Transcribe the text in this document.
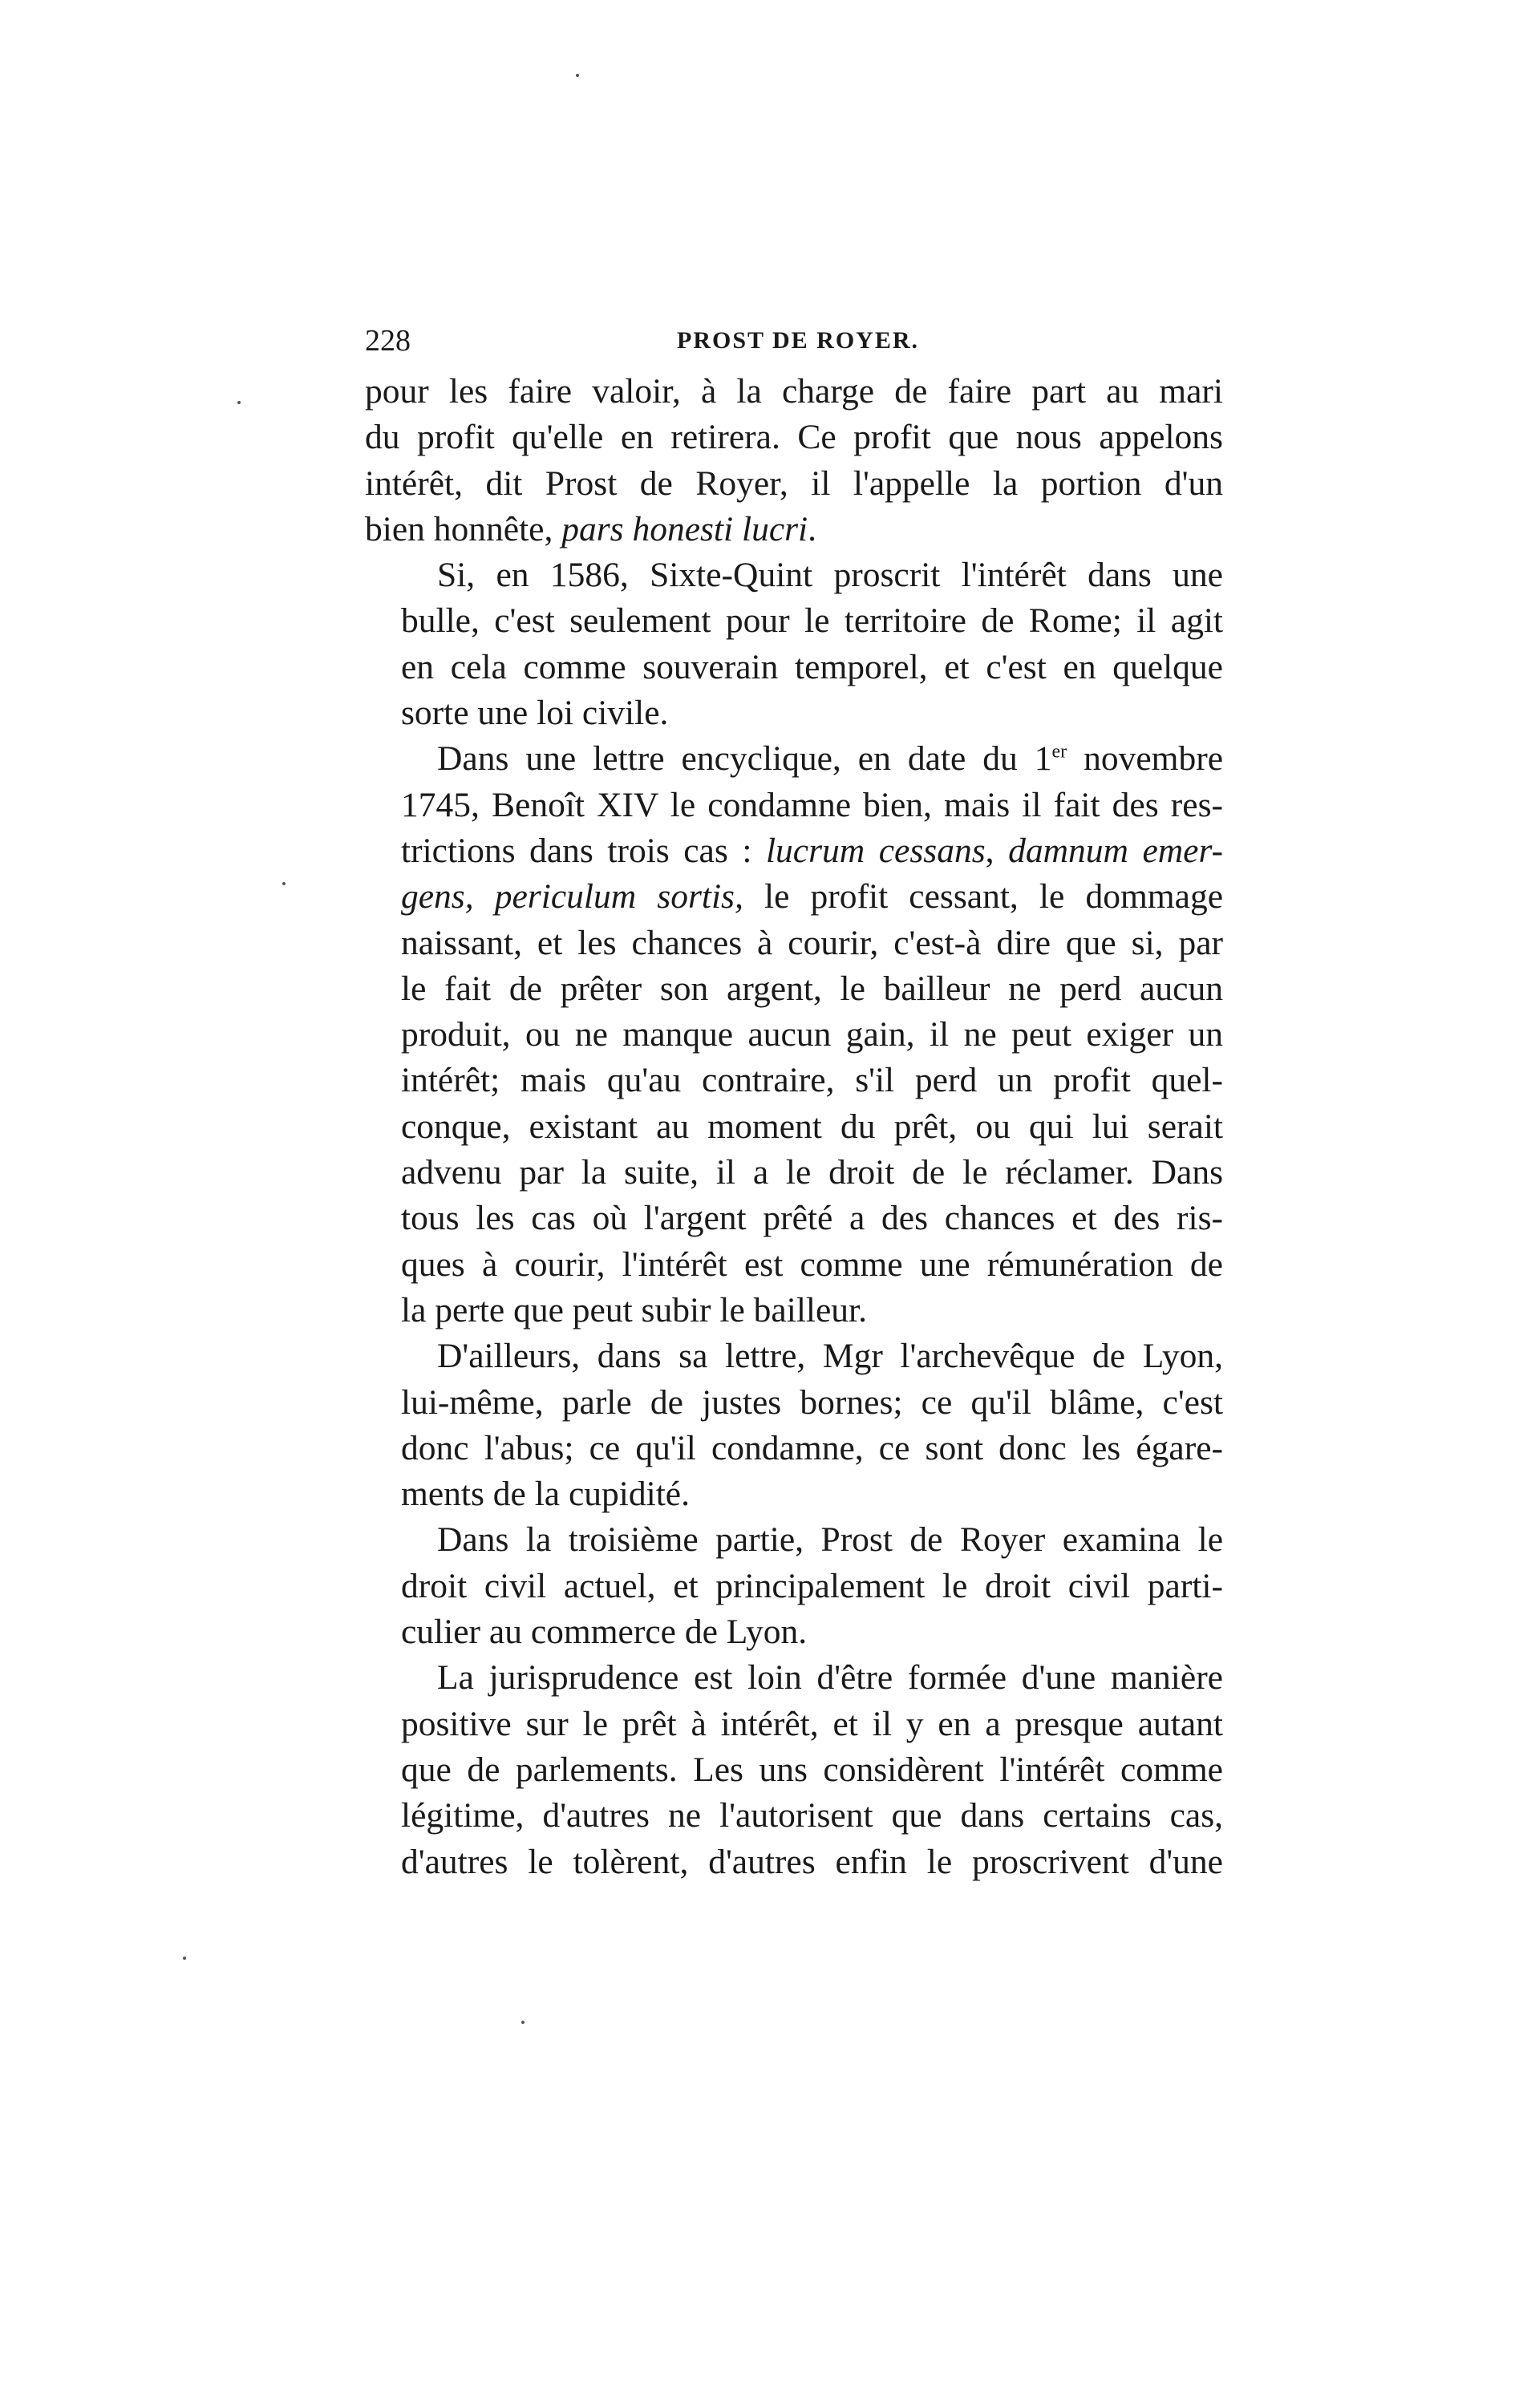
228	PROST DE ROYER.
pour les faire valoir, à la charge de faire part au mari
du profit qu'elle en retirera. Ce profit que nous appelons
intérêt, dit Prost de Royer, il l'appelle la portion d'un
bien honnête, pars honesti lucri.
Si, en 1586, Sixte-Quint proscrit l'intérêt dans une
bulle, c'est seulement pour le territoire de Rome; il agit
en cela comme souverain temporel, et c'est en quelque
sorte une loi civile.
Dans une lettre encyclique, en date du 1er novembre
1745, Benoît XIV le condamne bien, mais il fait des res-
trictions dans trois cas : lucrum cessans, damnum emer-
gens, periculum sortis, le profit cessant, le dommage
naissant, et les chances à courir, c'est-à dire que si, par
le fait de prêter son argent, le bailleur ne perd aucun
produit, ou ne manque aucun gain, il ne peut exiger un
intérêt; mais qu'au contraire, s'il perd un profit quel-
conque, existant au moment du prêt, ou qui lui serait
advenu par la suite, il a le droit de le réclamer. Dans
tous les cas où l'argent prêté a des chances et des ris-
ques à courir, l'intérêt est comme une rémunération de
la perte que peut subir le bailleur.
D'ailleurs, dans sa lettre, Mgr l'archevêque de Lyon,
lui-même, parle de justes bornes; ce qu'il blâme, c'est
donc l'abus; ce qu'il condamne, ce sont donc les égare-
ments de la cupidité.
Dans la troisième partie, Prost de Royer examina le
droit civil actuel, et principalement le droit civil parti-
culier au commerce de Lyon.
La jurisprudence est loin d'être formée d'une manière
positive sur le prêt à intérêt, et il y en a presque autant
que de parlements. Les uns considèrent l'intérêt comme
légitime, d'autres ne l'autorisent que dans certains cas,
d'autres le tolèrent, d'autres enfin le proscrivent d'une
